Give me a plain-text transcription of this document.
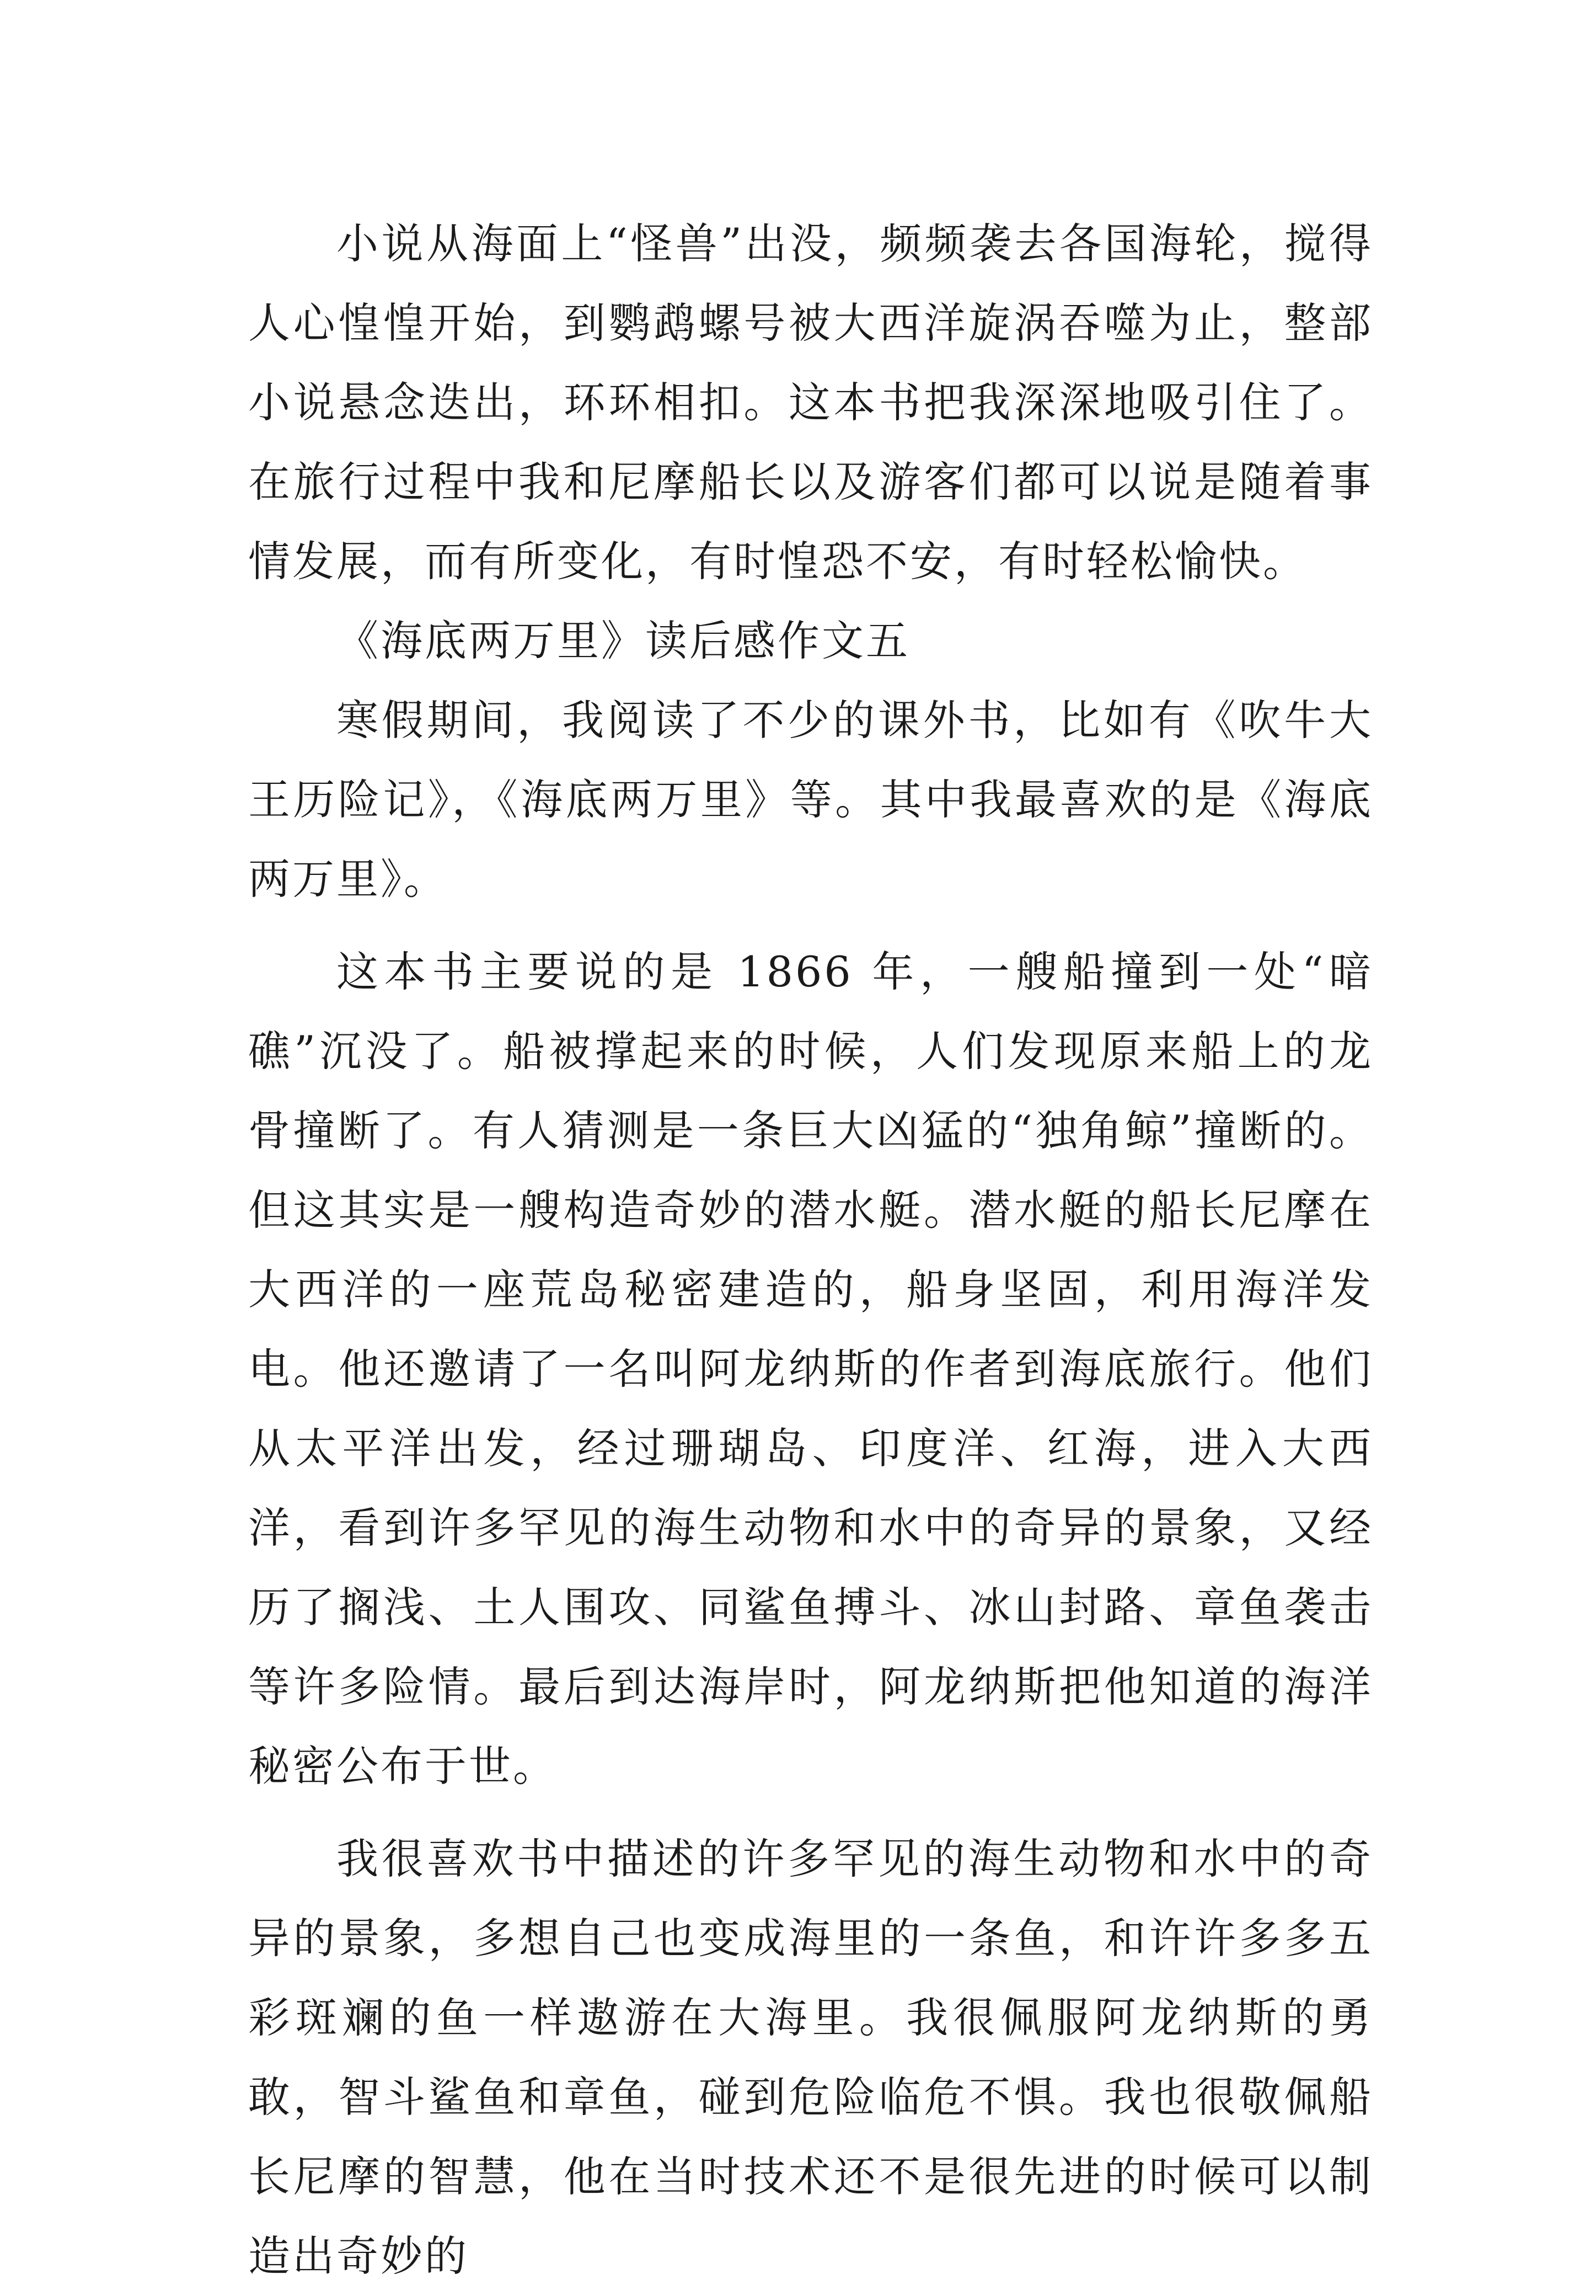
小说从海面上“怪兽”出没，频频袭去各国海轮，搅得人心惶惶开始，到鹦鹉螺号被大西洋旋涡吞噬为止，整部小说悬念迭出，环环相扣。这本书把我深深地吸引住了。在旅行过程中我和尼摩船长以及游客们都可以说是随着事情发展，而有所变化，有时惶恐不安，有时轻松愉快。

《海底两万里》读后感作文五

寒假期间，我阅读了不少的课外书，比如有《吹牛大王历险记》，《海底两万里》等。其中我最喜欢的是《海底两万里》。

这本书主要说的是 1866 年，一艘船撞到一处“暗礁”沉没了。船被撑起来的时候，人们发现原来船上的龙骨撞断了。有人猜测是一条巨大凶猛的“独角鲸”撞断的。但这其实是一艘构造奇妙的潜水艇。潜水艇的船长尼摩在大西洋的一座荒岛秘密建造的，船身坚固，利用海洋发电。他还邀请了一名叫阿龙纳斯的作者到海底旅行。他们从太平洋出发，经过珊瑚岛、印度洋、红海，进入大西洋，看到许多罕见的海生动物和水中的奇异的景象，又经历了搁浅、土人围攻、同鲨鱼搏斗、冰山封路、章鱼袭击等许多险情。最后到达海岸时，阿龙纳斯把他知道的海洋秘密公布于世。

我很喜欢书中描述的许多罕见的海生动物和水中的奇异的景象，多想自己也变成海里的一条鱼，和许许多多五彩斑斓的鱼一样遨游在大海里。我很佩服阿龙纳斯的勇敢，智斗鲨鱼和章鱼，碰到危险临危不惧。我也很敬佩船长尼摩的智慧，他在当时技术还不是很先进的时候可以制造出奇妙的
